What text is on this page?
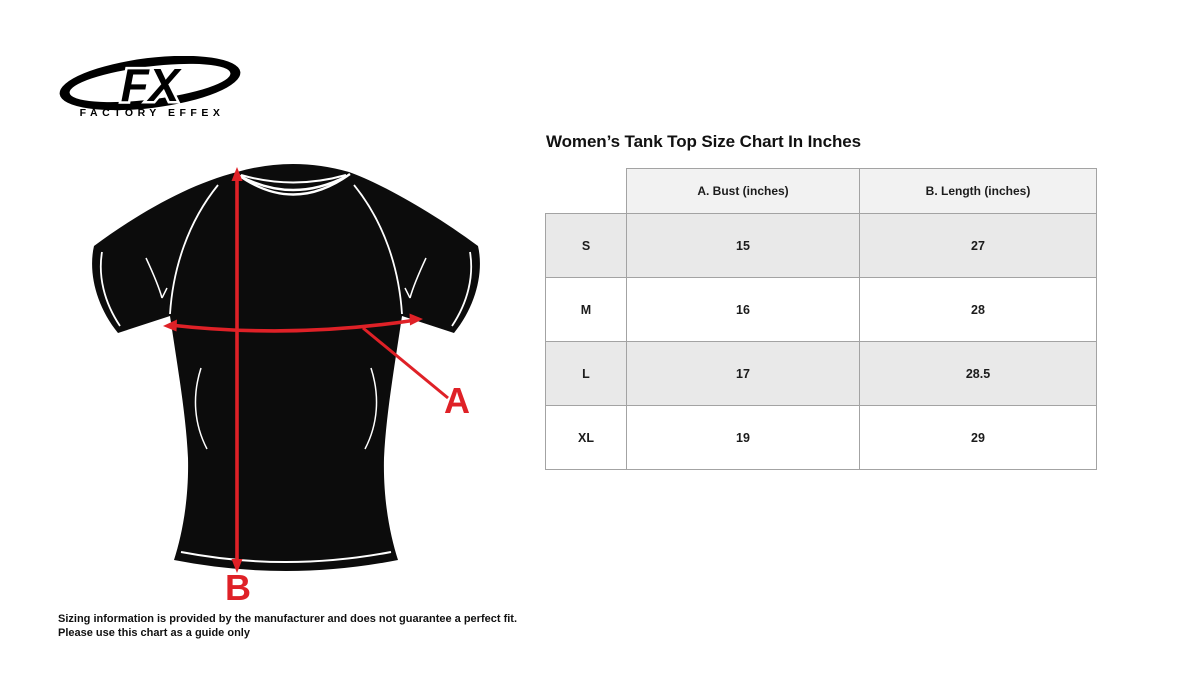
FX
FACTORY EFFEX
A
B
Women’s Tank Top Size Chart In Inches
	A. Bust (inches)	B. Length (inches)
S	15	27
M	16	28
L	17	28.5
XL	19	29
Sizing information is provided by the manufacturer and does not guarantee a perfect fit.
Please use this chart as a guide only
